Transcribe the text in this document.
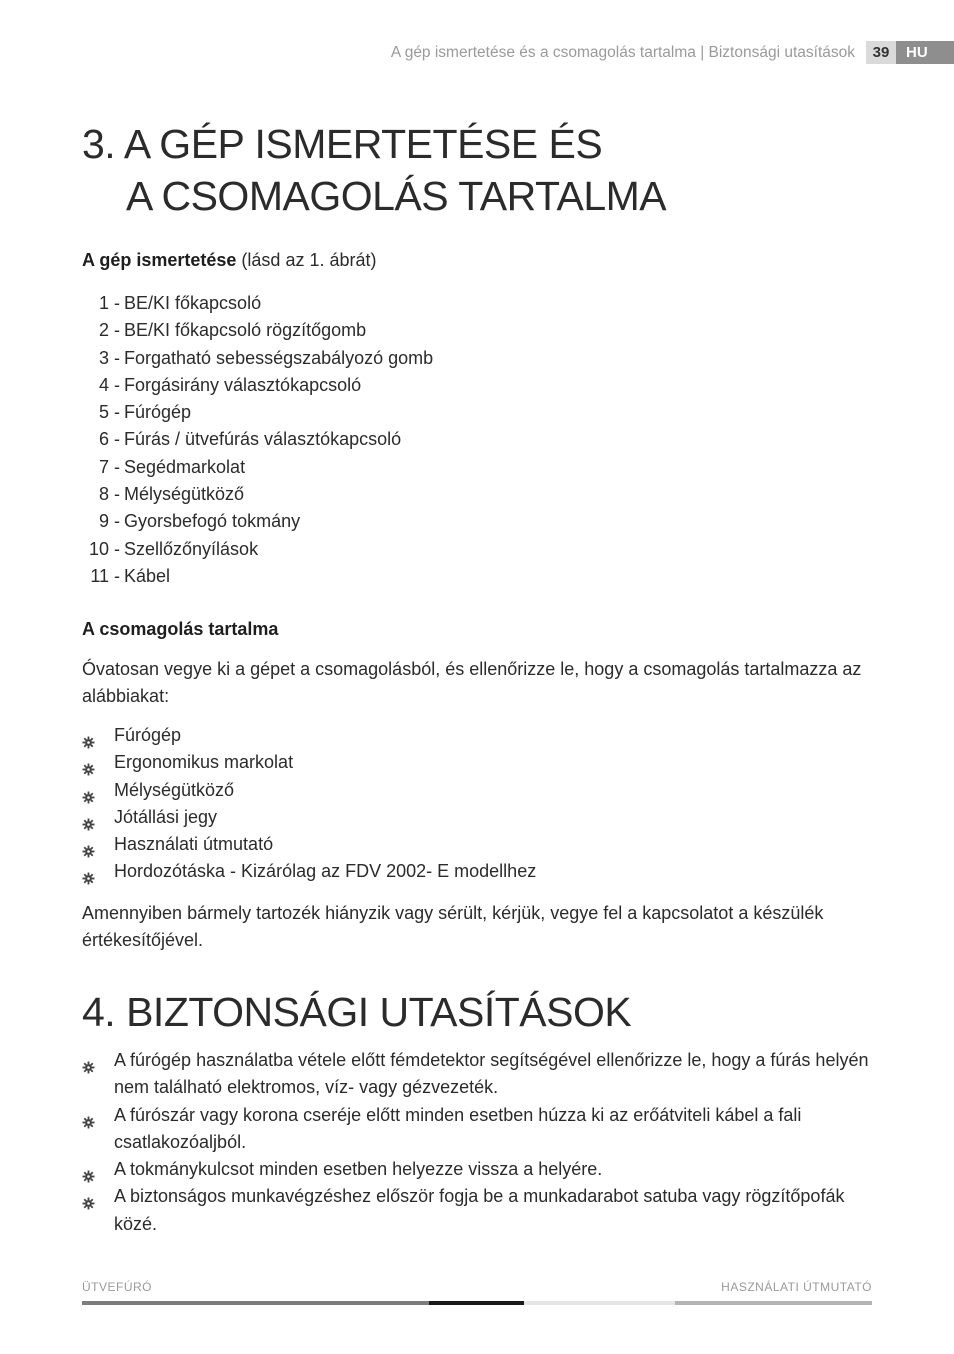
A gép ismertetése és a csomagolás tartalma | Biztonsági utasítások	39	HU
3. A GÉP ISMERTETÉSE ÉS
A CSOMAGOLÁS TARTALMA

A gép ismertetése (lásd az 1. ábrát)

1 - BE/KI főkapcsoló
2 - BE/KI főkapcsoló rögzítőgomb
3 - Forgatható sebességszabályozó gomb
4 - Forgásirány választókapcsoló
5 - Fúrógép
6 - Fúrás / ütvefúrás választókapcsoló
7 - Segédmarkolat
8 - Mélységütköző
9 - Gyorsbefogó tokmány
10 - Szellőzőnyílások
11 - Kábel

A csomagolás tartalma

Óvatosan vegye ki a gépet a csomagolásból, és ellenőrizze le, hogy a csomagolás tartalmazza az alábbiakat:

Fúrógép
Ergonomikus markolat
Mélységütköző
Jótállási jegy
Használati útmutató
Hordozótáska - Kizárólag az FDV 2002- E modellhez

Amennyiben bármely tartozék hiányzik vagy sérült, kérjük, vegye fel a kapcsolatot a készülék értékesítőjével.

4. BIZTONSÁGI UTASÍTÁSOK
A fúrógép használatba vétele előtt fémdetektor segítségével ellenőrizze le, hogy a fúrás helyén nem található elektromos, víz- vagy gézvezeték.
A fúrószár vagy korona cseréje előtt minden esetben húzza ki az erőátviteli kábel a fali csatlakozóaljból.
A tokmánykulcsot minden esetben helyezze vissza a helyére.
A biztonságos munkavégzéshez először fogja be a munkadarabot satuba vagy rögzítőpofák közé.
ÜTVEFÚRÓ	HASZNÁLATI ÚTMUTATÓ
